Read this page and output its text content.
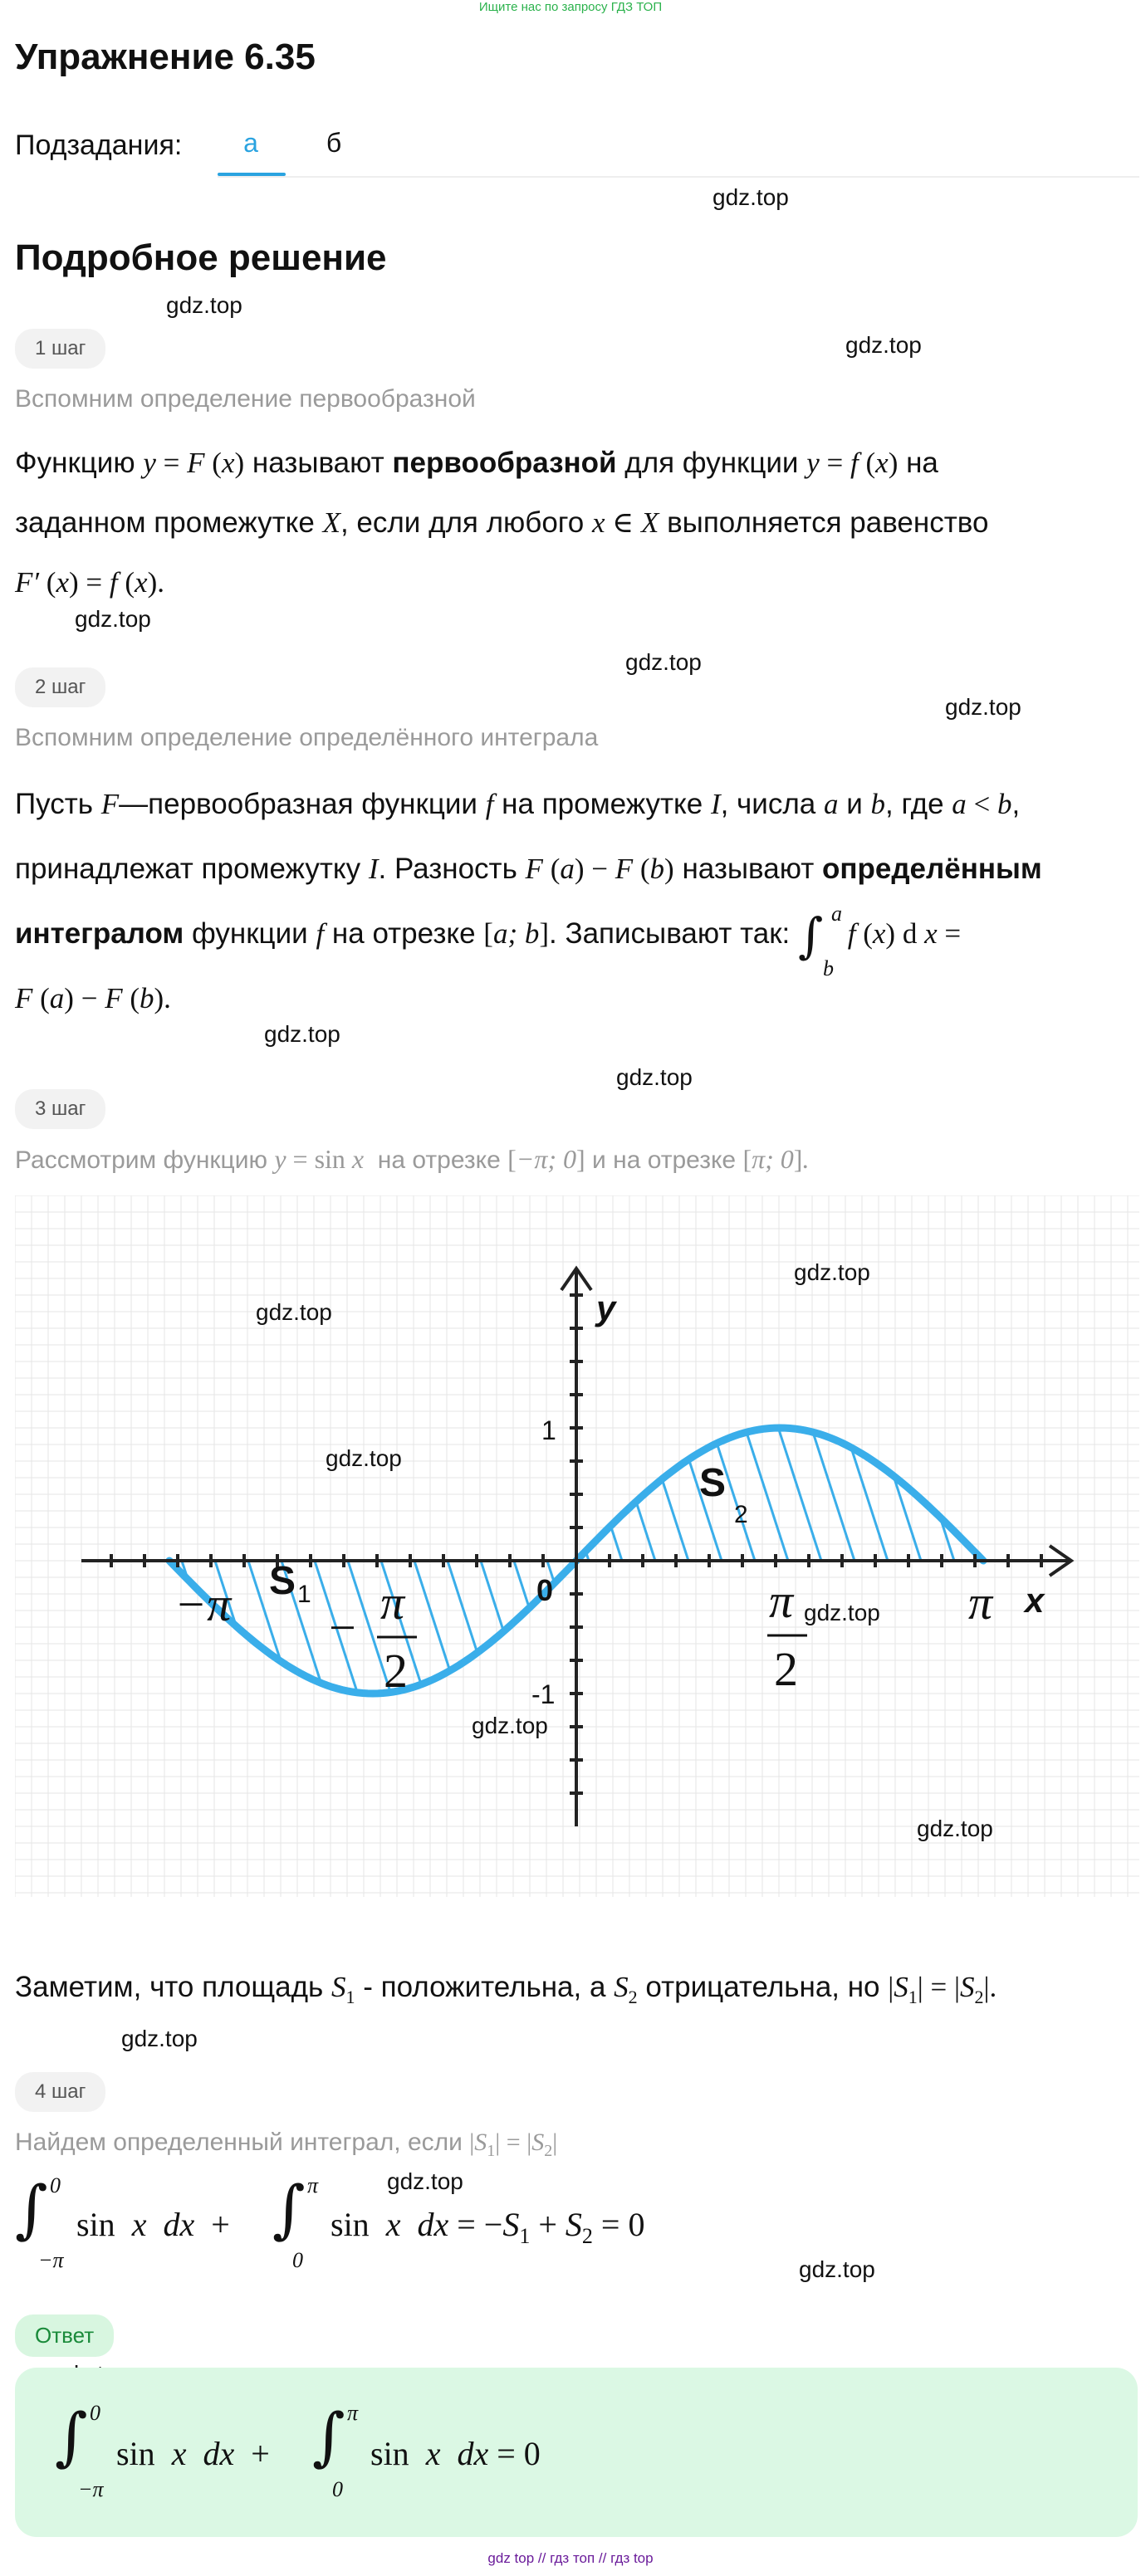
Ищите нас по запросу ГДЗ ТОП
Упражнение 6.35
Подзадания:	а	б
gdz.top
gdz.top
gdz.top
gdz.top
gdz.top
gdz.top
gdz.top
gdz.top
gdz.top
gdz.top
gdz.top
Подробное решение
1 шаг
Вспомним определение первообразной
Функцию y = F (x) называют первообразной для функции y = f (x) на
заданном промежутке X, если для любого x ∈ X выполняется равенство
F′ (x) = f (x).
2 шаг
Вспомним определение определённого интеграла
Пусть F—первообразная функции f на промежутке I, числа a и b, где a < b,
принадлежат промежутку I. Разность F (a) − F (b) называют определённым
интегралом функции f на отрезке [a; b]. Записывают так: ∫ a
b
f (x) d x =
F (a) − F (b).
3 шаг
Рассмотрим функцию y = sin x на отрезке [−π; 0] и на отрезке [π; 0].
x
y
1
-1
0
S 1
S
2
−π − π
2
π
2
π
gdz.top
gdz.top
gdz.top
gdz.top
gdz.top
gdz.top
Заметим, что площадь $S_1$ - положительна, а $S_2$ отрицательна, но $|S_1| = |S_2|$.
4 шаг
Найдем определенный интеграл, если $|S_1| = |S_2|$
∫ 0
−π
sin  x  dx  + ∫ π
0
sin  x  dx = $-S_1 + S_2 = 0$
Ответ
∫ 0
−π
sin  x  dx  + ∫ π
0
sin  x  dx = 0
gdz top // гдз топ // гдз top
